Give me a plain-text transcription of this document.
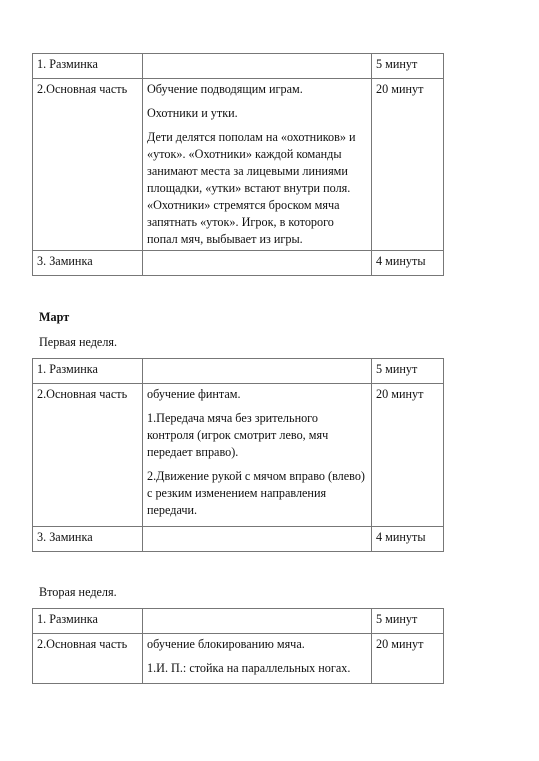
1. Разминка		5 минут
2.Основная часть	Обучение подводящим играм.

Охотники и утки.

Дети делятся пополам на «охотников» и «уток». «Охотники» каждой команды занимают места за лицевыми линиями площадки, «утки» встают внутри поля. «Охотники» стремятся броском мяча запятнать «уток». Игрок, в которого попал мяч, выбывает из игры.	20 минут
3. Заминка		4 минуты
Март
Первая неделя.
1. Разминка		5 минут
2.Основная часть	обучение финтам.

1.Передача мяча без зрительного контроля (игрок смотрит лево, мяч передает вправо).

2.Движение рукой с мячом вправо (влево) с резким изменением направления передачи.	20 минут
3. Заминка		4 минуты
Вторая неделя.
1. Разминка		5 минут
2.Основная часть	обучение блокированию мяча.

1.И. П.: стойка на параллельных ногах.	20 минут
